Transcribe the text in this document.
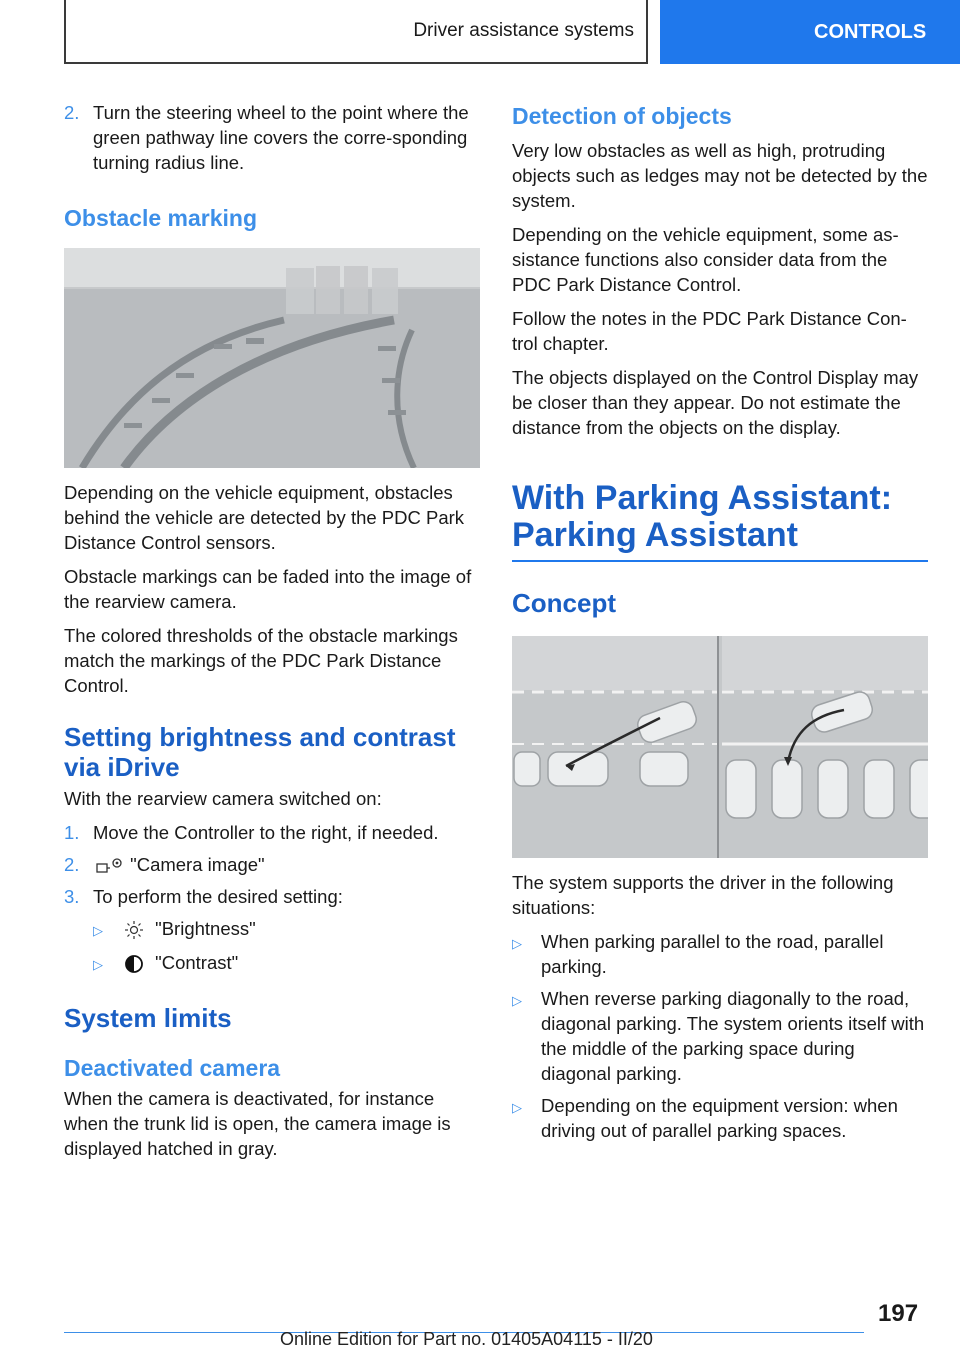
Driver assistance systems	CONTROLS
2. Turn the steering wheel to the point where the green pathway line covers the corre-sponding turning radius line.
Obstacle marking

Depending on the vehicle equipment, obstacles behind the vehicle are detected by the PDC Park Distance Control sensors.

Obstacle markings can be faded into the image of the rearview camera.

The colored thresholds of the obstacle markings match the markings of the PDC Park Distance Control.

Setting brightness and contrast via iDrive

With the rearview camera switched on:

1. Move the Controller to the right, if needed.
2.	"Camera image"
3. To perform the desired setting:
▷	"Brightness"
▷	"Contrast"
System limits
Deactivated camera

When the camera is deactivated, for instance when the trunk lid is open, the camera image is displayed hatched in gray.

Detection of objects

Very low obstacles as well as high, protruding objects such as ledges may not be detected by the system.

Depending on the vehicle equipment, some as-sistance functions also consider data from the PDC Park Distance Control.

Follow the notes in the PDC Park Distance Con-trol chapter.

The objects displayed on the Control Display may be closer than they appear. Do not estimate the distance from the objects on the display.

With Parking Assistant: Parking Assistant
Concept

The system supports the driver in the following situations:

▷	When parking parallel to the road, parallel parking.
▷	When reverse parking diagonally to the road, diagonal parking. The system orients itself with the middle of the parking space during diagonal parking.
▷	Depending on the equipment version: when driving out of parallel parking spaces.
197
Online Edition for Part no. 01405A04115 - II/20
